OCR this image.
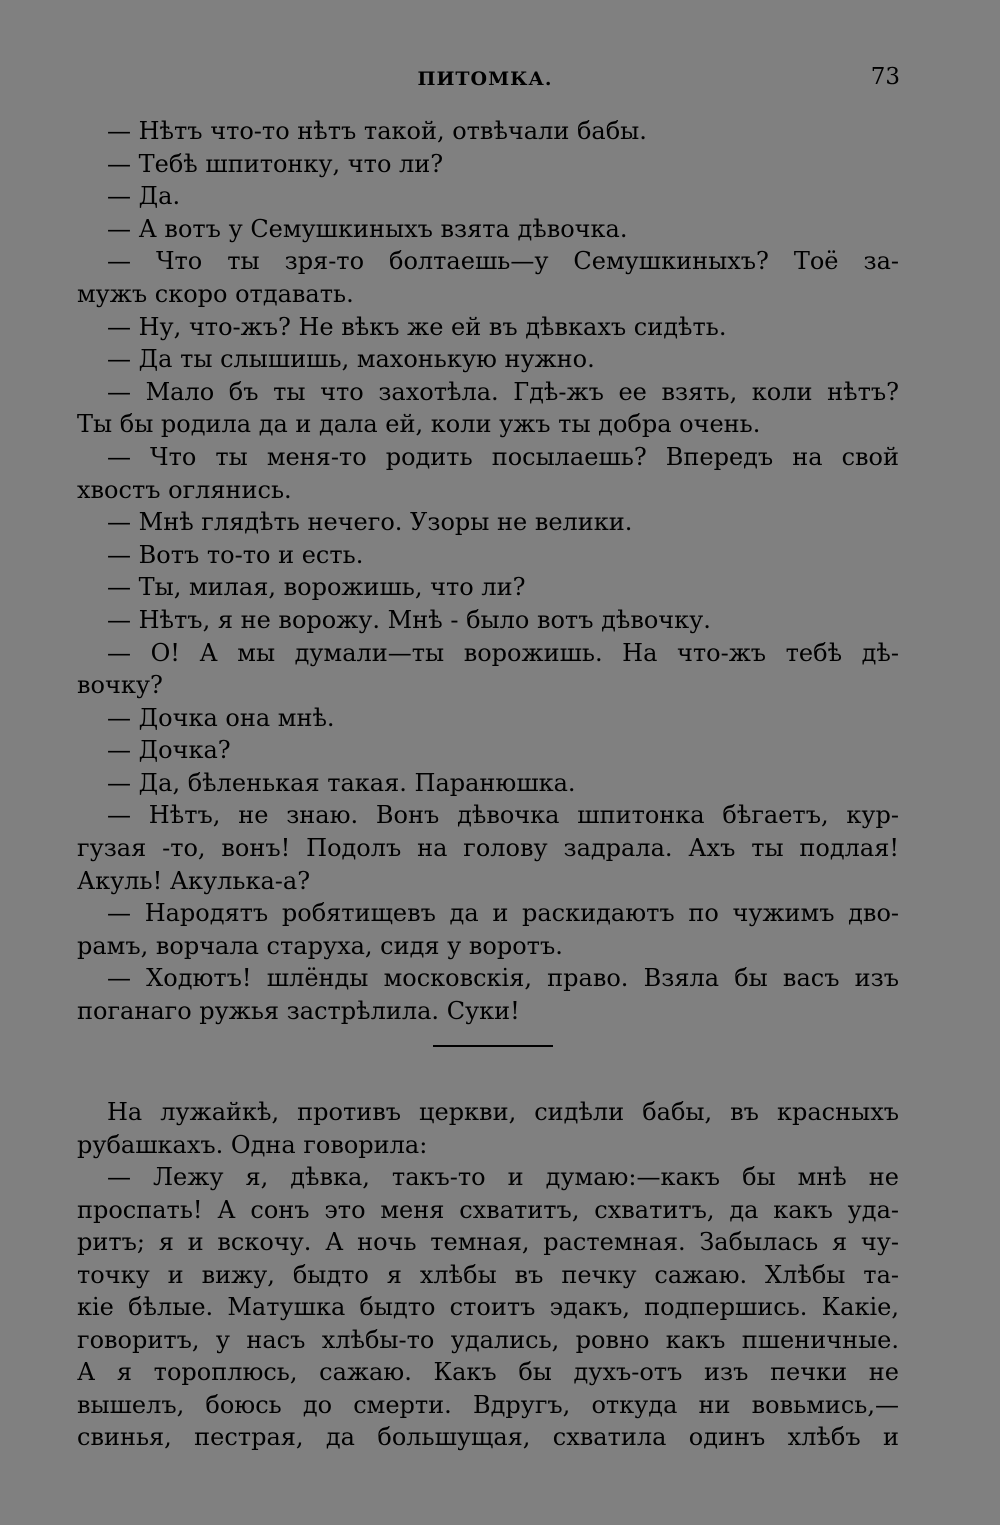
ПИТОМКА.	73
— Нѣтъ что-то нѣтъ такой, отвѣчали бабы.
— Тебѣ шпитонку, что ли?
— Да.
— А вотъ у Семушкиныхъ взята дѣвочка.
— Что ты зря-то болтаешь—у Семушкиныхъ? Тоё за-
мужъ скоро отдавать.
— Ну, что-жъ? Не вѣкъ же ей въ дѣвкахъ сидѣть.
— Да ты слышишь, махонькую нужно.
— Мало бъ ты что захотѣла. Гдѣ-жъ ее взять, коли нѣтъ?
Ты бы родила да и дала ей, коли ужъ ты добра очень.
— Что ты меня-то родить посылаешь? Впередъ на свой
хвостъ оглянись.
— Мнѣ глядѣть нечего. Узоры не велики.
— Вотъ то-то и есть.
— Ты, милая, ворожишь, что ли?
— Нѣтъ, я не ворожу. Мнѣ - было вотъ дѣвочку.
— О! А мы думали—ты ворожишь. На что-жъ тебѣ дѣ-
вочку?
— Дочка она мнѣ.
— Дочка?
— Да, бѣленькая такая. Паранюшка.
— Нѣтъ, не знаю. Вонъ дѣвочка шпитонка бѣгаетъ, кур-
гузая -то, вонъ! Подолъ на голову задрала. Ахъ ты подлая!
Акуль! Акулька-а?
— Народятъ робятищевъ да и раскидаютъ по чужимъ дво-
рамъ, ворчала старуха, сидя у воротъ.
— Ходютъ! шлёнды московскія, право. Взяла бы васъ изъ
поганаго ружья застрѣлила. Суки!
На лужайкѣ, противъ церкви, сидѣли бабы, въ красныхъ
рубашкахъ. Одна говорила:
— Лежу я, дѣвка, такъ-то и думаю:—какъ бы мнѣ не
проспать! А сонъ это меня схватитъ, схватитъ, да какъ уда-
ритъ; я и вскочу. А ночь темная, растемная. Забылась я чу-
точку и вижу, быдто я хлѣбы въ печку сажаю. Хлѣбы та-
кіе бѣлые. Матушка быдто стоитъ эдакъ, подпершись. Какіе,
говоритъ, у насъ хлѣбы-то удались, ровно какъ пшеничные.
А я тороплюсь, сажаю. Какъ бы духъ-отъ изъ печки не
вышелъ, боюсь до смерти. Вдругъ, откуда ни вовьмись,—
свинья, пестрая, да большущая, схватила одинъ хлѣбъ и
